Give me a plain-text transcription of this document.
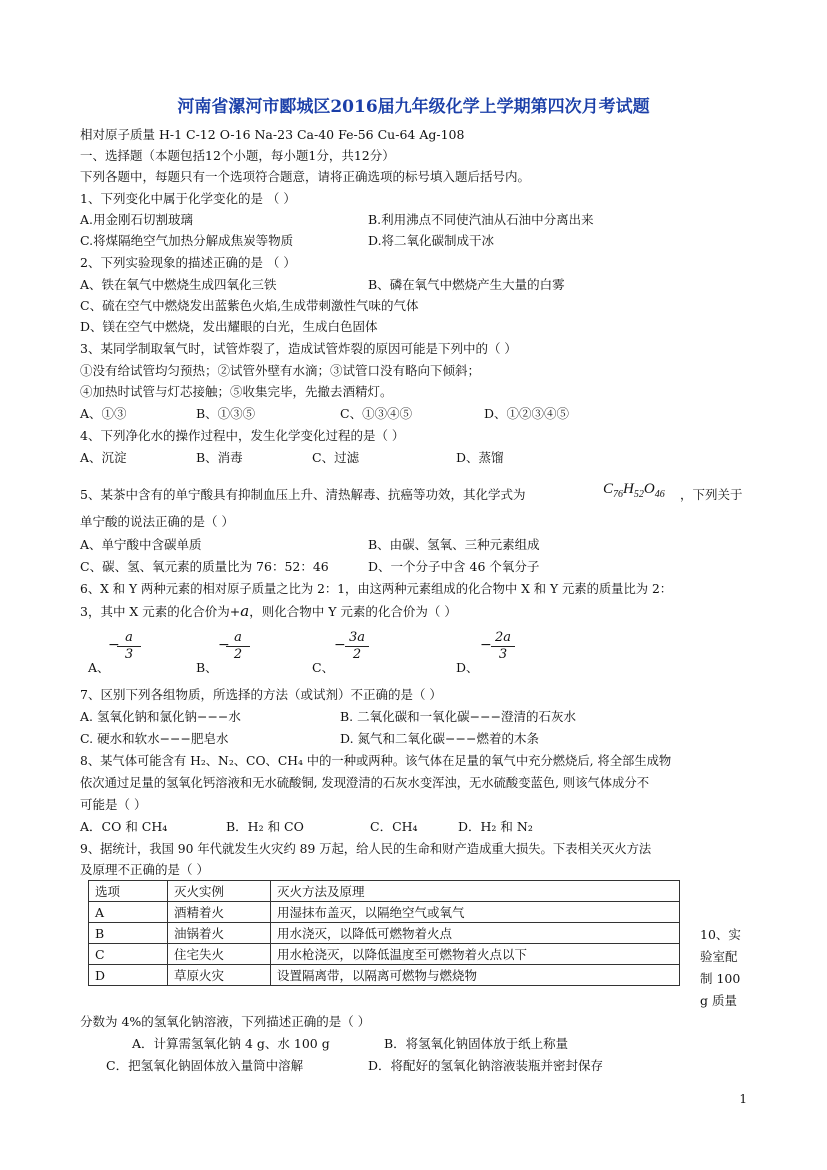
河南省漯河市郾城区2016届九年级化学上学期第四次月考试题
相对原子质量 H-1 C-12 O-16 Na-23 Ca-40 Fe-56 Cu-64 Ag-108
一、选择题（本题包括12个小题，每小题1分，共12分）
下列各题中，每题只有一个选项符合题意，请将正确选项的标号填入题后括号内。
1、下列变化中属于化学变化的是 （ ）
A.用金刚石切割玻璃	B.利用沸点不同使汽油从石油中分离出来
C.将煤隔绝空气加热分解成焦炭等物质	D.将二氧化碳制成干冰
2、下列实验现象的描述正确的是 （ ）
A、铁在氧气中燃烧生成四氧化三铁	B、磷在氧气中燃烧产生大量的白雾
C、硫在空气中燃烧发出蓝紫色火焰,生成带刺激性气味的气体
D、镁在空气中燃烧，发出耀眼的白光，生成白色固体
3、某同学制取氧气时，试管炸裂了，造成试管炸裂的原因可能是下列中的（ ）
①没有给试管均匀预热；②试管外壁有水滴；③试管口没有略向下倾斜；
④加热时试管与灯芯接触；⑤收集完毕，先撤去酒精灯。
A、①③	B、①③⑤	C、①③④⑤	D、①②③④⑤
4、下列净化水的操作过程中，发生化学变化过程的是（ ）
A、沉淀	B、消毒	C、过滤	D、蒸馏
5、某茶中含有的单宁酸具有抑制血压上升、清热解毒、抗癌等功效，其化学式为	$C_{76}H_{52}O_{46}$ ，下列关于
单宁酸的说法正确的是（ ）
A、单宁酸中含碳单质	B、由碳、氢氧、三种元素组成
C、碳、氢、氧元素的质量比为 76：52：46	D、一个分子中含 46 个氧分子
6、X 和 Y 两种元素的相对原子质量之比为 2：1，由这两种元素组成的化合物中 X 和 Y 元素的质量比为 2：
3，其中 X 元素的化合价为+a，则化合物中 Y 元素的化合价为（ ）
A、
−
$\frac{a}{3}$
B、
−
$\frac{a}{2}$
C、
− $\frac{3a}{2}$
D、
− $\frac{2a}{3}$
7、区别下列各组物质，所选择的方法（或试剂）不正确的是（ ）
A. 氢氧化钠和氯化钠−−−水	B. 二氧化碳和一氧化碳−−−澄清的石灰水
C. 硬水和软水−−−肥皂水	D. 氮气和二氧化碳−−−燃着的木条
8、某气体可能含有 H₂、N₂、CO、CH₄ 中的一种或两种。该气体在足量的氧气中充分燃烧后, 将全部生成物
依次通过足量的氢氧化钙溶液和无水硫酸铜, 发现澄清的石灰水变浑浊，无水硫酸变蓝色, 则该气体成分不
可能是（ ）
A．CO 和 CH₄	B．H₂ 和 CO	C．CH₄	D．H₂ 和 N₂
9、据统计，我国 90 年代就发生火灾约 89 万起，给人民的生命和财产造成重大损失。下表相关灭火方法
及原理不正确的是（ ）
选项	灭火实例	灭火方法及原理
A	酒精着火	用湿抹布盖灭，以隔绝空气或氧气
B	油锅着火	用水浇灭，以降低可燃物着火点
C	住宅失火	用水枪浇灭，以降低温度至可燃物着火点以下
D	草原火灾	设置隔离带，以隔离可燃物与燃烧物
10、实
验室配
制 100
g 质量
分数为 4%的氢氧化钠溶液，下列描述正确的是（ ）
A．计算需氢氧化钠 4 g、水 100 g	B．将氢氧化钠固体放于纸上称量
C．把氢氧化钠固体放入量筒中溶解	D．将配好的氢氧化钠溶液装瓶并密封保存
1
